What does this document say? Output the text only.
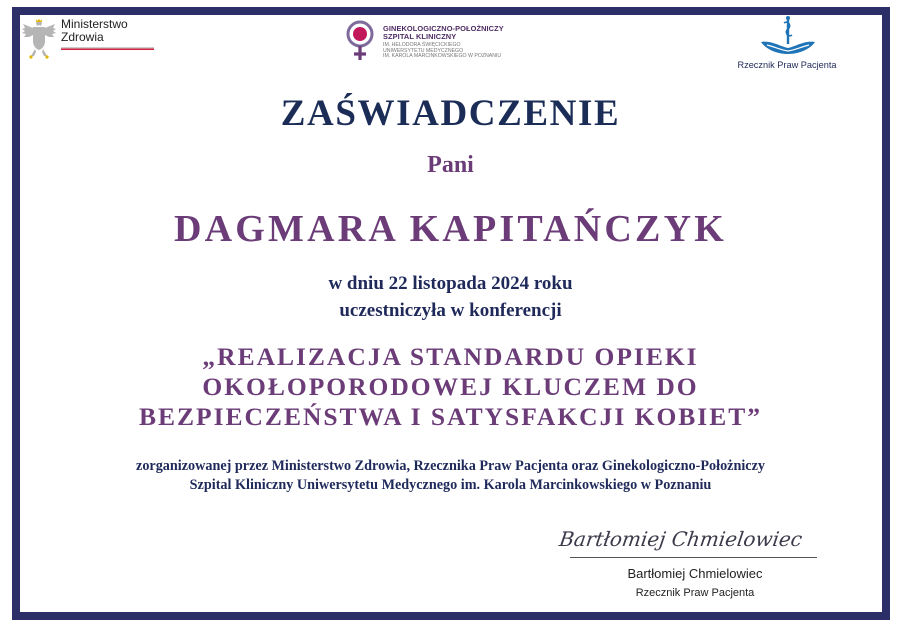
Ministerstwo
Zdrowia
GINEKOLOGICZNO-POŁOŻNICZY
SZPITAL KLINICZNY
IM. HELODORA ŚWIĘCICKIEGO
UNIWERSYTETU MEDYCZNEGO
IM. KAROLA MARCINKOWSKIEGO W POZNANIU
Rzecznik Praw Pacjenta
ZAŚWIADCZENIE
Pani
DAGMARA KAPITAŃCZYK
w dniu 22 listopada 2024 roku
uczestniczyła w konferencji
„REALIZACJA STANDARDU OPIEKI
OKOŁOPORODOWEJ KLUCZEM DO
BEZPIECZEŃSTWA I SATYSFAKCJI KOBIET”
zorganizowanej przez Ministerstwo Zdrowia, Rzecznika Praw Pacjenta oraz Ginekologiczno-Położniczy
Szpital Kliniczny Uniwersytetu Medycznego im. Karola Marcinkowskiego w Poznaniu
Bartłomiej Chmielowiec
Bartłomiej Chmielowiec
Rzecznik Praw Pacjenta
